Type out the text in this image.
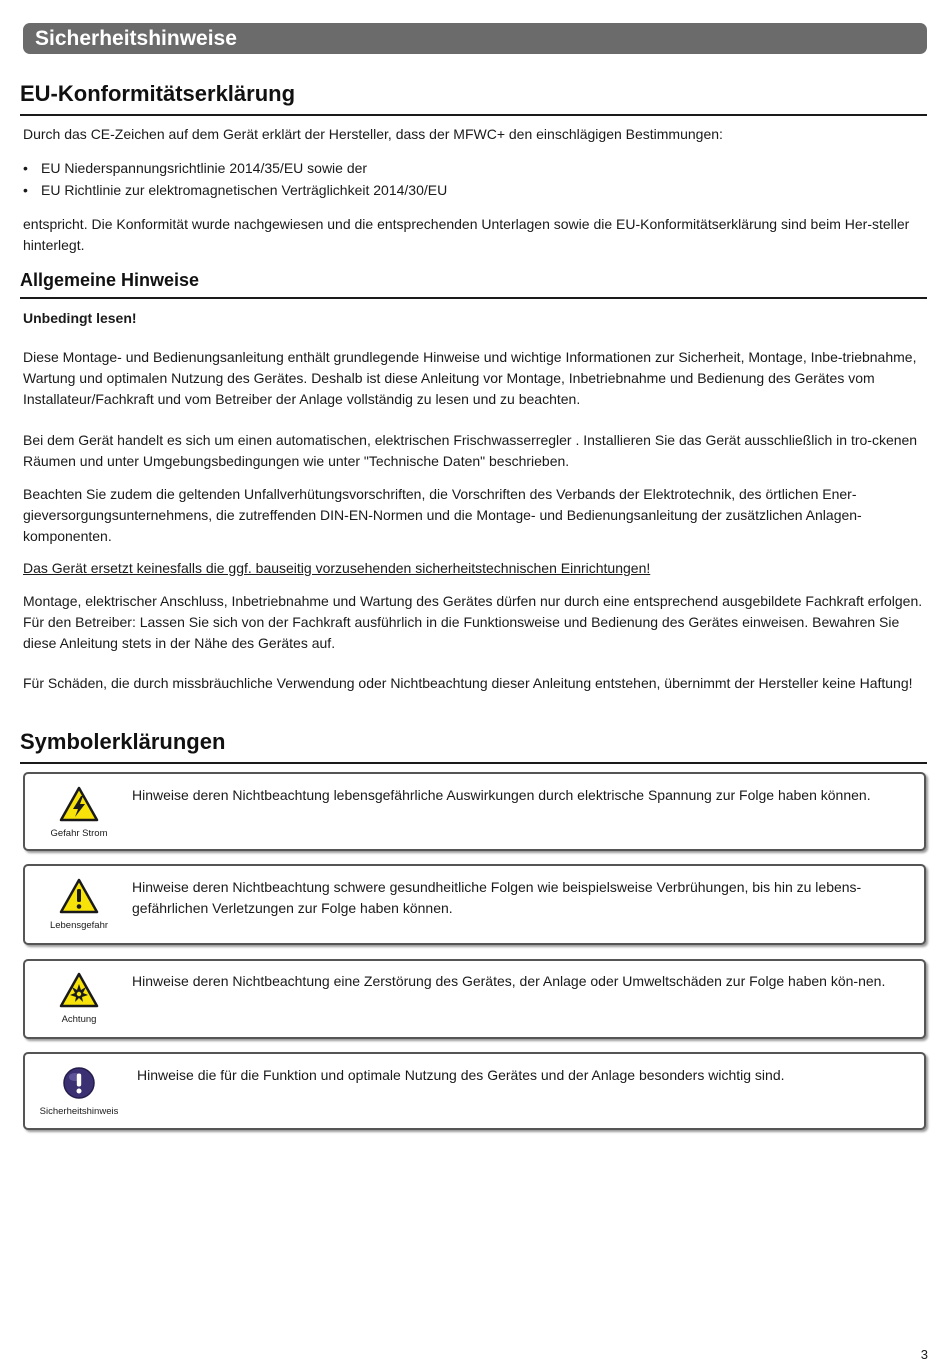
Sicherheitshinweise
EU-Konformitätserklärung

Durch das CE-Zeichen auf dem Gerät erklärt der Hersteller, dass der MFWC+ den einschlägigen Bestimmungen:

• EU Niederspannungsrichtlinie 2014/35/EU sowie der
• EU Richtlinie zur elektromagnetischen Verträglichkeit 2014/30/EU

entspricht. Die Konformität wurde nachgewiesen und die entsprechenden Unterlagen sowie die EU-Konformitätserklärung sind beim Her-steller hinterlegt.

Allgemeine Hinweise

Unbedingt lesen!

Diese Montage- und Bedienungsanleitung enthält grundlegende Hinweise und wichtige Informationen zur Sicherheit, Montage, Inbe-triebnahme, Wartung und optimalen Nutzung des Gerätes. Deshalb ist diese Anleitung vor Montage, Inbetriebnahme und Bedienung des Gerätes vom Installateur/Fachkraft und vom Betreiber der Anlage vollständig zu lesen und zu beachten.

Bei dem Gerät handelt es sich um einen automatischen, elektrischen Frischwasserregler . Installieren Sie das Gerät ausschließlich in tro-ckenen Räumen und unter Umgebungsbedingungen wie unter "Technische Daten" beschrieben.

Beachten Sie zudem die geltenden Unfallverhütungsvorschriften, die Vorschriften des Verbands der Elektrotechnik, des örtlichen Ener-gieversorgungsunternehmens, die zutreffenden DIN-EN-Normen und die Montage- und Bedienungsanleitung der zusätzlichen Anlagen-komponenten.

Das Gerät ersetzt keinesfalls die ggf. bauseitig vorzusehenden sicherheitstechnischen Einrichtungen!

Montage, elektrischer Anschluss, Inbetriebnahme und Wartung des Gerätes dürfen nur durch eine entsprechend ausgebildete Fachkraft erfolgen. Für den Betreiber: Lassen Sie sich von der Fachkraft ausführlich in die Funktionsweise und Bedienung des Gerätes einweisen. Bewahren Sie diese Anleitung stets in der Nähe des Gerätes auf.

Für Schäden, die durch missbräuchliche Verwendung oder Nichtbeachtung dieser Anleitung entstehen, übernimmt der Hersteller keine Haftung!

Symbolerklärungen
Gefahr Strom
Hinweise deren Nichtbeachtung lebensgefährliche Auswirkungen durch elektrische Spannung zur Folge haben können.
Lebensgefahr
Hinweise deren Nichtbeachtung schwere gesundheitliche Folgen wie beispielsweise Verbrühungen, bis hin zu lebens-gefährlichen Verletzungen zur Folge haben können.
Achtung
Hinweise deren Nichtbeachtung eine Zerstörung des Gerätes, der Anlage oder Umweltschäden zur Folge haben kön-nen.
Sicherheitshinweis
Hinweise die für die Funktion und optimale Nutzung des Gerätes und der Anlage besonders wichtig sind.
3
